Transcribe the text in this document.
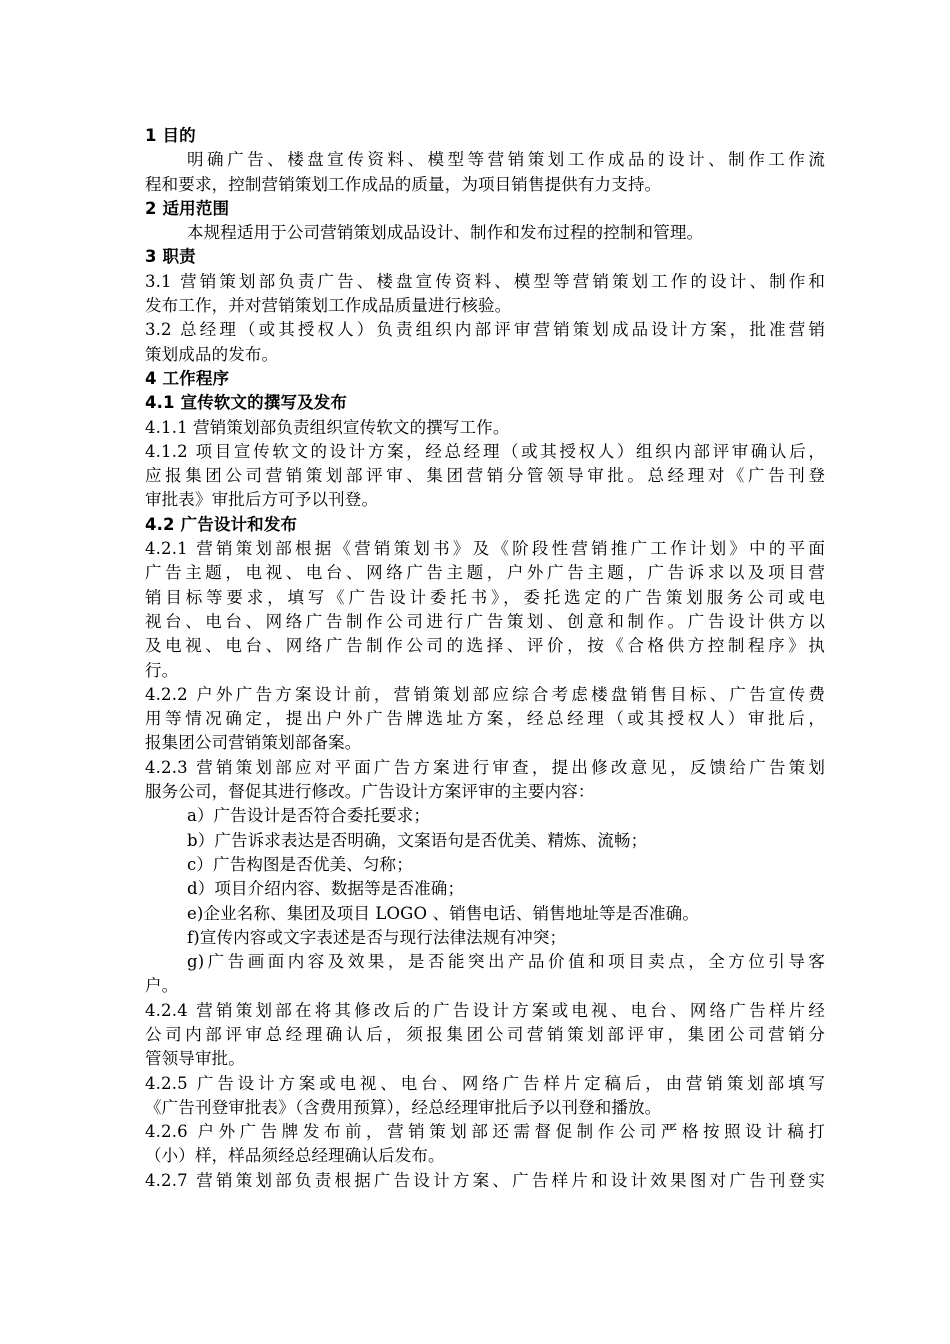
1 目的
明确广告、楼盘宣传资料、模型等营销策划工作成品的设计、制作工作流
程和要求，控制营销策划工作成品的质量，为项目销售提供有力支持。
2 适用范围
本规程适用于公司营销策划成品设计、制作和发布过程的控制和管理。
3 职责
3.1 营销策划部负责广告、楼盘宣传资料、模型等营销策划工作的设计、制作和
发布工作，并对营销策划工作成品质量进行核验。
3.2 总经理（或其授权人）负责组织内部评审营销策划成品设计方案，批准营销
策划成品的发布。
4 工作程序
4.1 宣传软文的撰写及发布
4.1.1 营销策划部负责组织宣传软文的撰写工作。
4.1.2 项目宣传软文的设计方案，经总经理（或其授权人）组织内部评审确认后，
应报集团公司营销策划部评审、集团营销分管领导审批。总经理对《广告刊登
审批表》审批后方可予以刊登。
4.2 广告设计和发布
4.2.1 营销策划部根据《营销策划书》及《阶段性营销推广工作计划》中的平面
广告主题，电视、电台、网络广告主题，户外广告主题，广告诉求以及项目营
销目标等要求，填写《广告设计委托书》，委托选定的广告策划服务公司或电
视台、电台、网络广告制作公司进行广告策划、创意和制作。广告设计供方以
及电视、电台、网络广告制作公司的选择、评价，按《合格供方控制程序》执
行。
4.2.2 户外广告方案设计前，营销策划部应综合考虑楼盘销售目标、广告宣传费
用等情况确定，提出户外广告牌选址方案，经总经理（或其授权人）审批后，
报集团公司营销策划部备案。
4.2.3 营销策划部应对平面广告方案进行审查，提出修改意见，反馈给广告策划
服务公司，督促其进行修改。广告设计方案评审的主要内容：
a）广告设计是否符合委托要求；
b）广告诉求表达是否明确，文案语句是否优美、精炼、流畅；
c）广告构图是否优美、匀称；
d）项目介绍内容、数据等是否准确；
e)企业名称、集团及项目 LOGO 、销售电话、销售地址等是否准确。
f)宣传内容或文字表述是否与现行法律法规有冲突；
g)广告画面内容及效果，是否能突出产品价值和项目卖点，全方位引导客
户。
4.2.4 营销策划部在将其修改后的广告设计方案或电视、电台、网络广告样片经
公司内部评审总经理确认后，须报集团公司营销策划部评审，集团公司营销分
管领导审批。
4.2.5 广告设计方案或电视、电台、网络广告样片定稿后，由营销策划部填写
《广告刊登审批表》（含费用预算），经总经理审批后予以刊登和播放。
4.2.6 户外广告牌发布前，营销策划部还需督促制作公司严格按照设计稿打
（小）样，样品须经总经理确认后发布。
4.2.7 营销策划部负责根据广告设计方案、广告样片和设计效果图对广告刊登实
